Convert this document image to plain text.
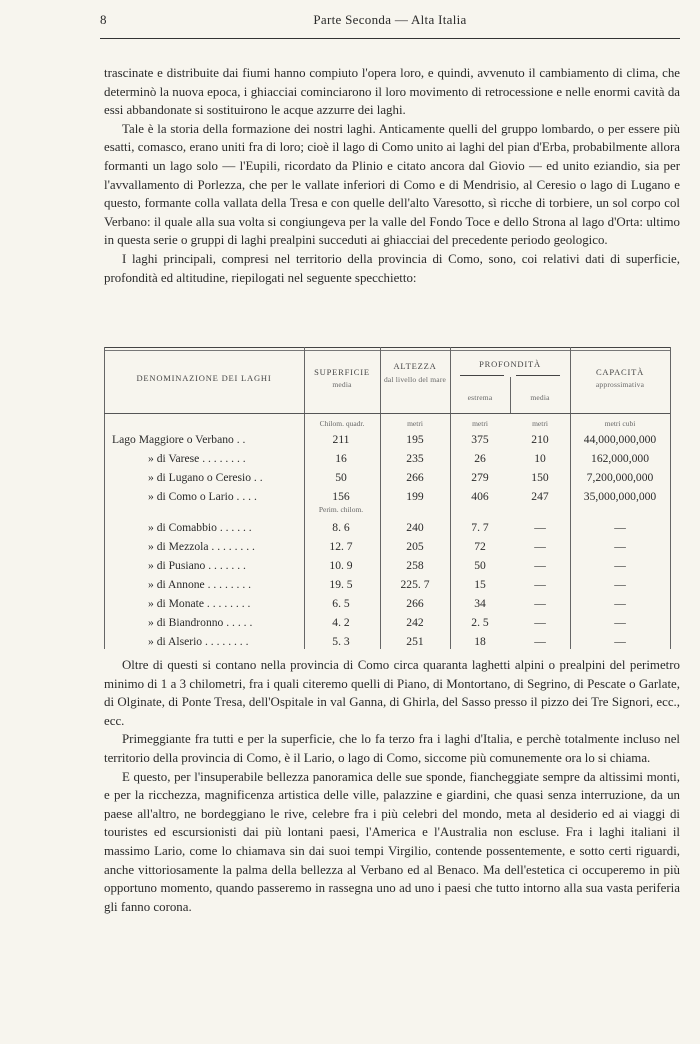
8	Parte Seconda — Alta Italia

trascinate e distribuite dai fiumi hanno compiuto l'opera loro, e quindi, avvenuto il cambiamento di clima, che determinò la nuova epoca, i ghiacciai cominciarono il loro movimento di retrocessione e nelle enormi cavità da essi abbandonate si sostituirono le acque azzurre dei laghi.

Tale è la storia della formazione dei nostri laghi. Anticamente quelli del gruppo lombardo, o per essere più esatti, comasco, erano uniti fra di loro; cioè il lago di Como unito ai laghi del pian d'Erba, probabilmente allora formanti un lago solo — l'Eupili, ricordato da Plinio e citato ancora dal Giovio — ed unito eziandio, sia per l'avvallamento di Porlezza, che per le vallate inferiori di Como e di Mendrisio, al Ceresio o lago di Lugano e questo, formante colla vallata della Tresa e con quelle dell'alto Varesotto, sì ricche di torbiere, un sol corpo col Verbano: il quale alla sua volta si congiungeva per la valle del Fondo Toce e dello Strona al lago d'Orta: ultimo in questa serie o gruppi di laghi prealpini succeduti ai ghiacciai del precedente periodo geologico.

I laghi principali, compresi nel territorio della provincia di Como, sono, coi relativi dati di superficie, profondità ed altitudine, riepilogati nel seguente specchietto:

DENOMINAZIONE DEI LAGHI
SUPERFICIE
media
ALTEZZA
dal livello del mare
PROFONDITÀ
estrema	media
CAPACITÀ
approssimativa
Chilom. quadr.	metri	metri	metri	metri cubi
Perim. chilom.
Lago Maggiore o Verbano . .	211	195	375	210	44,000,000,000
» di Varese . . . . . . . .	16	235	26	10	162,000,000
» di Lugano o Ceresio . .	50	266	279	150	7,200,000,000
» di Como o Lario . . . .	156	199	406	247	35,000,000,000
» di Comabbio . . . . . .	8. 6	240	7. 7	—	—
» di Mezzola . . . . . . . .	12. 7	205	72	—	—
» di Pusiano . . . . . . .	10. 9	258	50	—	—
» di Annone . . . . . . . .	19. 5	225. 7	15	—	—
» di Monate . . . . . . . .	6. 5	266	34	—	—
» di Biandronno . . . . .	4. 2	242	2. 5	—	—
» di Alserio . . . . . . . .	5. 3	251	18	—	—

Oltre di questi si contano nella provincia di Como circa quaranta laghetti alpini o prealpini del perimetro minimo di 1 a 3 chilometri, fra i quali citeremo quelli di Piano, di Montortano, di Segrino, di Pescate o Garlate, di Olginate, di Ponte Tresa, dell'Ospitale in val Ganna, di Ghirla, del Sasso presso il pizzo dei Tre Signori, ecc., ecc.

Primeggiante fra tutti e per la superficie, che lo fa terzo fra i laghi d'Italia, e perchè totalmente incluso nel territorio della provincia di Como, è il Lario, o lago di Como, siccome più comunemente ora lo si chiama.

E questo, per l'insuperabile bellezza panoramica delle sue sponde, fiancheggiate sempre da altissimi monti, e per la ricchezza, magnificenza artistica delle ville, palazzine e giardini, che quasi senza interruzione, da un paese all'altro, ne bordeggiano le rive, celebre fra i più celebri del mondo, meta al desiderio ed ai viaggi di touristes ed escursionisti dai più lontani paesi, l'America e l'Australia non escluse. Fra i laghi italiani il massimo Lario, come lo chiamava sin dai suoi tempi Virgilio, contende possentemente, e sotto certi riguardi, anche vittoriosamente la palma della bellezza al Verbano ed al Benaco. Ma dell'estetica ci occuperemo in più opportuno momento, quando passeremo in rassegna uno ad uno i paesi che tutto intorno alla sua vasta periferia gli fanno corona.
